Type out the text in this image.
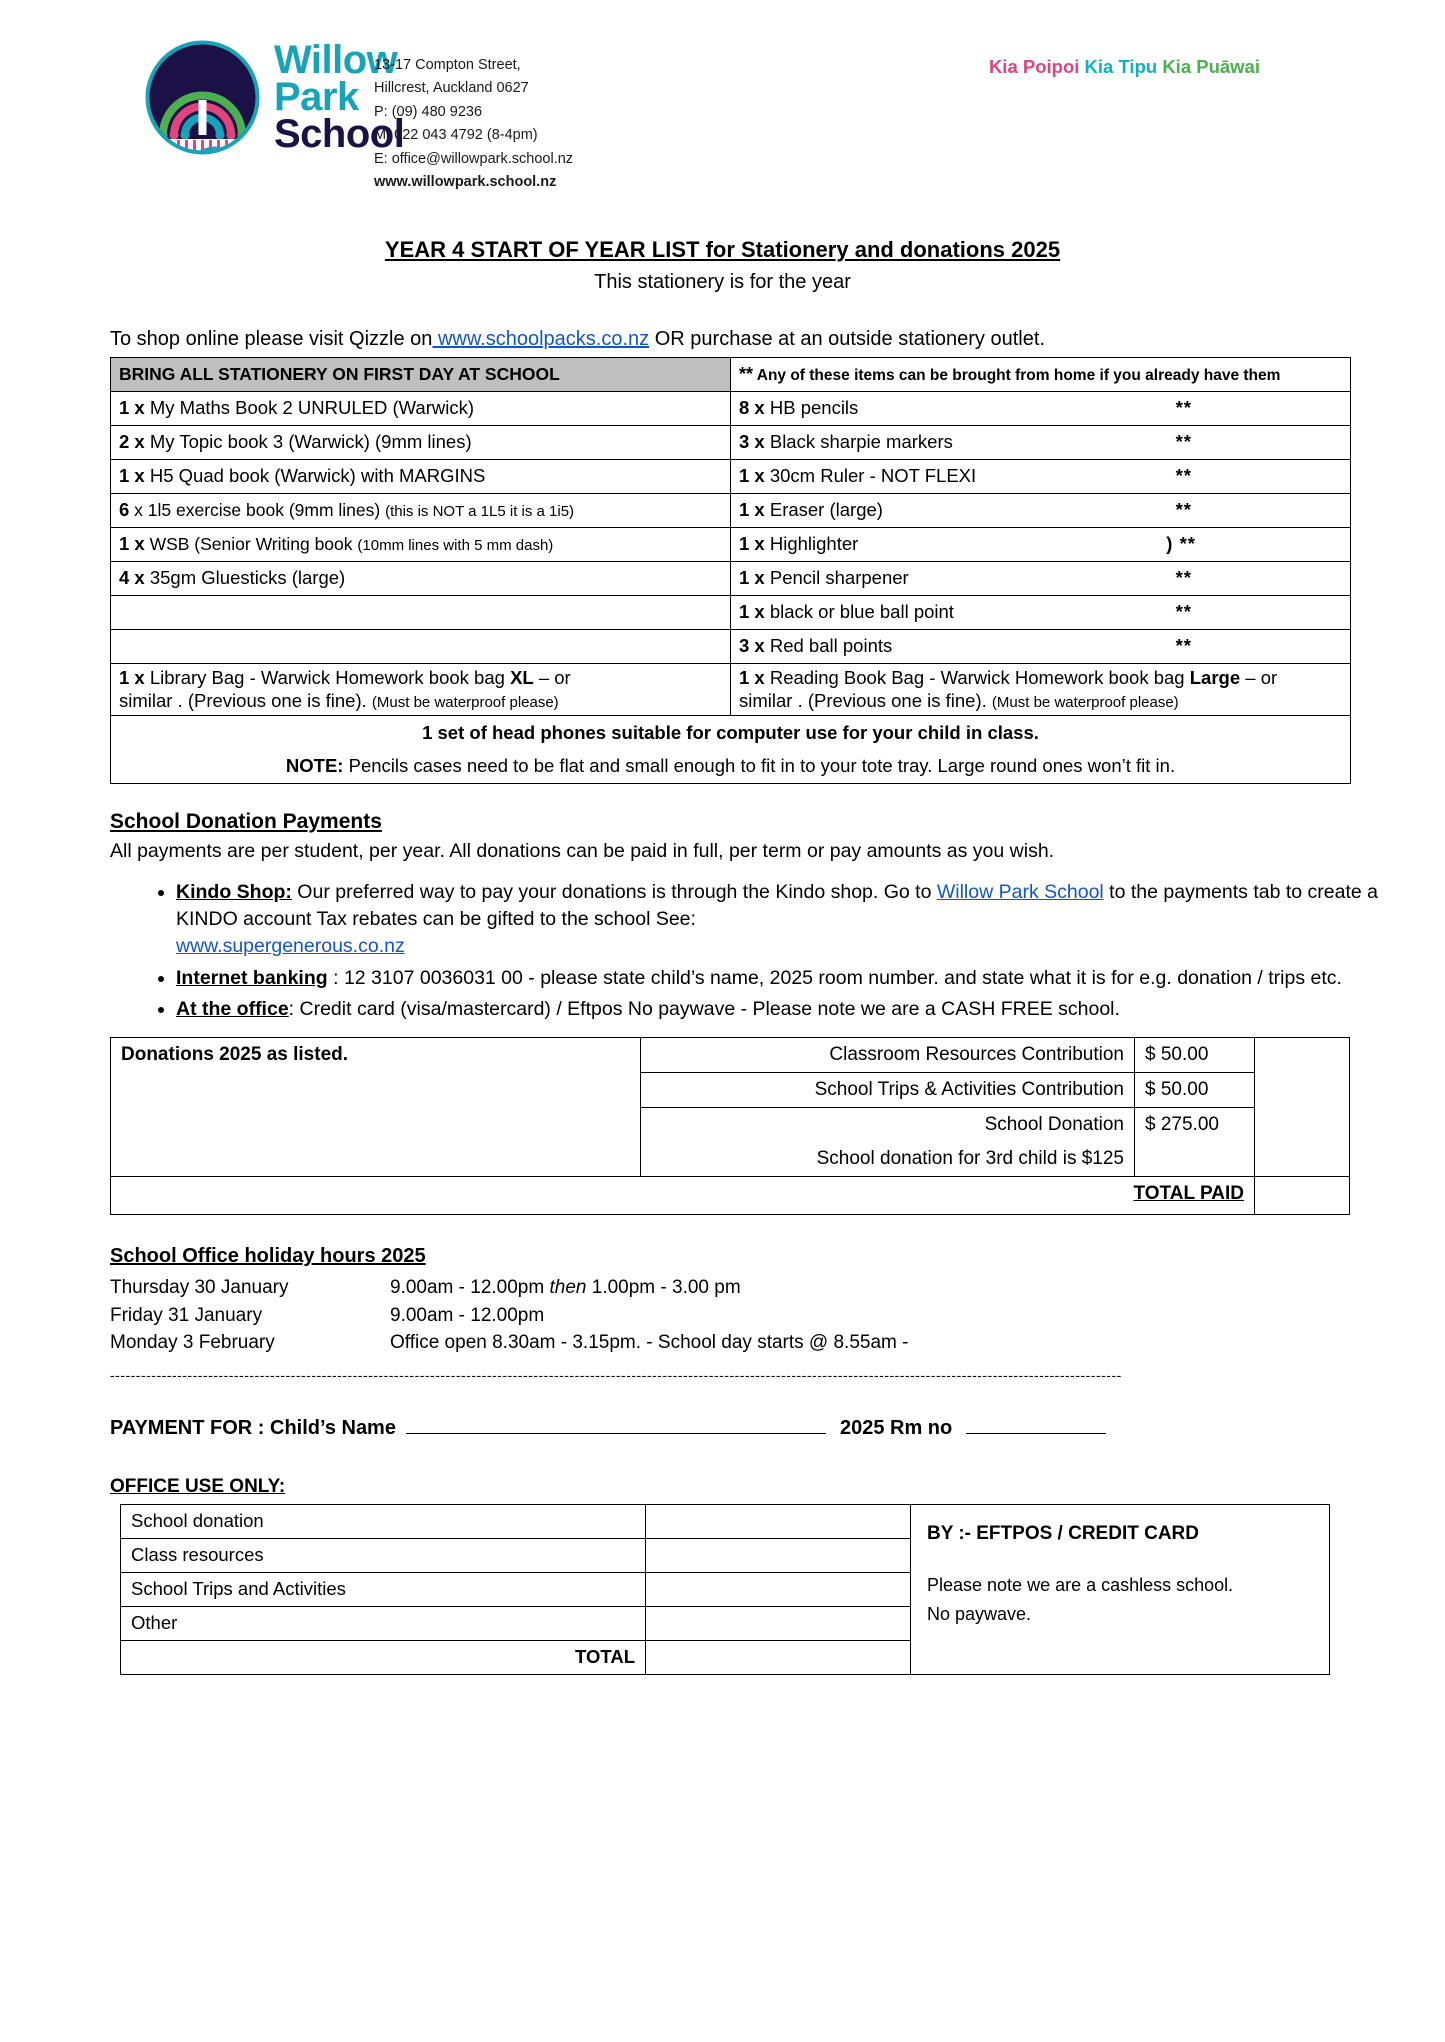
Willow
Park
School
13-17 Compton Street,
Hillcrest, Auckland 0627
P: (09) 480 9236
M: 022 043 4792 (8-4pm)
E: office@willowpark.school.nz
www.willowpark.school.nz
Kia Poipoi Kia Tipu Kia Puāwai
YEAR 4 START OF YEAR LIST for Stationery and donations 2025
This stationery is for the year
To shop online please visit Qizzle on www.schoolpacks.co.nz OR purchase at an outside stationery outlet.
BRING ALL STATIONERY ON FIRST DAY AT SCHOOL	** Any of these items can be brought from home if you already have them
1 x My Maths Book 2 UNRULED (Warwick)	8 x HB pencils **

2 x My Topic book 3 (Warwick) (9mm lines)	3 x Black sharpie markers **

1 x H5 Quad book (Warwick) with MARGINS	1 x 30cm Ruler - NOT FLEXI **

6 x 1l5 exercise book (9mm lines) (this is NOT a 1L5 it is a 1i5)	1 x Eraser (large) **

1 x WSB (Senior Writing book (10mm lines with 5 mm dash)	1 x Highlighter ) **

4 x 35gm Gluesticks (large)	1 x Pencil sharpener **

	1 x black or blue ball point **

	3 x Red ball points **

1 x Library Bag - Warwick Homework book bag XL – or
similar . (Previous one is fine). (Must be waterproof please)	1 x Reading Book Bag - Warwick Homework book bag Large – or
similar . (Previous one is fine). (Must be waterproof please)
1 set of head phones suitable for computer use for your child in class.	
NOTE: Pencils cases need to be flat and small enough to fit in to your tote tray. Large round ones won’t fit in.	
School Donation Payments
All payments are per student, per year. All donations can be paid in full, per term or pay amounts as you wish.
• Kindo Shop: Our preferred way to pay your donations is through the Kindo shop. Go to Willow Park School to the payments tab to create a KINDO account Tax rebates can be gifted to the school See:
www.supergenerous.co.nz
• Internet banking : 12 3107 0036031 00 - please state child’s name, 2025 room number. and state what it is for e.g. donation / trips etc.
• At the office: Credit card (visa/mastercard) / Eftpos No paywave - Please note we are a CASH FREE school.
Donations 2025 as listed.	Classroom Resources Contribution	$ 50.00	
	School Trips & Activities Contribution	$ 50.00	
	School Donation	$ 275.00	
	School donation for 3rd child is $125		
TOTAL PAID			
School Office holiday hours 2025
Thursday 30 January	9.00am - 12.00pm then 1.00pm - 3.00 pm
Friday 31 January	9.00am - 12.00pm
Monday 3 February	Office open 8.30am - 3.15pm. - School day starts @ 8.55am -
----------------------------------------------------------------------------------------------------------------------------------------------------------------------------------------------------
PAYMENT FOR : Child’s Name	2025 Rm no
OFFICE USE ONLY:
School donation	
Class resources	
School Trips and Activities	
Other	
TOTAL	
BY :- EFTPOS / CREDIT CARD
Please note we are a cashless school.
No paywave.
